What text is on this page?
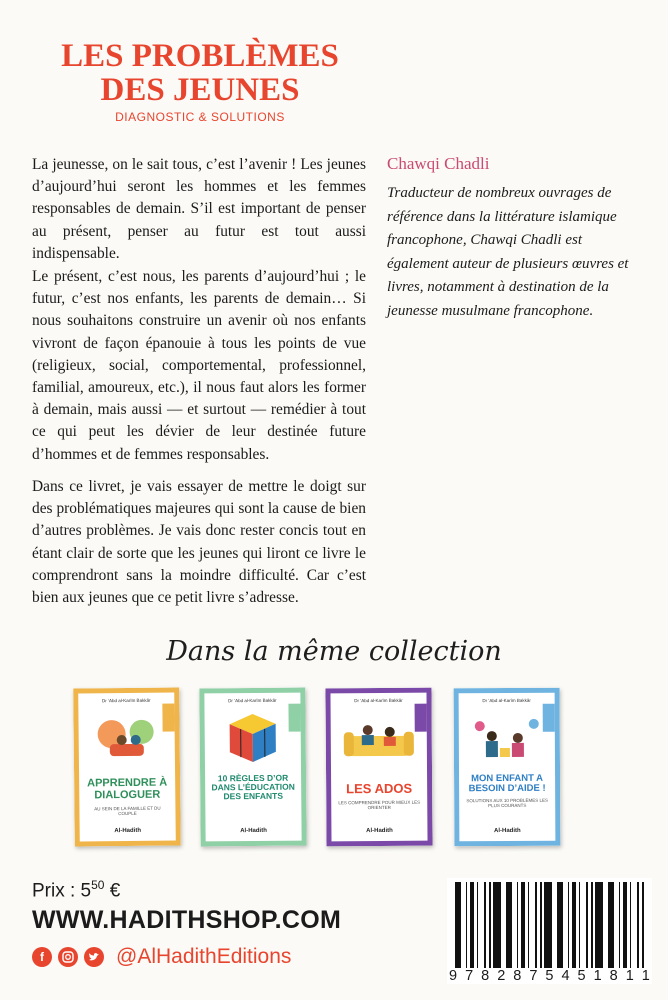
LES PROBLÈMES
DES JEUNES
DIAGNOSTIC & SOLUTIONS

La jeunesse, on le sait tous, c’est l’avenir ! Les jeunes d’aujourd’hui seront les hommes et les femmes responsables de demain. S’il est important de penser au présent, penser au futur est tout aussi indispensable.

Le présent, c’est nous, les parents d’aujourd’hui ; le futur, c’est nos enfants, les parents de demain… Si nous souhaitons construire un avenir où nos enfants vivront de façon épanouie à tous les points de vue (religieux, social, comportemental, professionnel, familial, amoureux, etc.), il nous faut alors les former à demain, mais aussi — et surtout — remédier à tout ce qui peut les dévier de leur destinée future d’hommes et de femmes responsables.

Dans ce livret, je vais essayer de mettre le doigt sur des problématiques majeures qui sont la cause de bien d’autres problèmes. Je vais donc rester concis tout en étant clair de sorte que les jeunes qui liront ce livre le comprendront sans la moindre difficulté. Car c’est bien aux jeunes que ce petit livre s’adresse.

Chawqi Chadli

Traducteur de nombreux ouvrages de référence dans la littérature islamique francophone, Chawqi Chadli est également auteur de plusieurs œuvres et livres, notamment à destination de la jeunesse musulmane francophone.

Dans la même collection
Dr ‘Abd al-Karîm Bakkâr
APPRENDRE À DIALOGUER
AU SEIN DE LA FAMILLE ET DU COUPLE
Al-Hadith
Dr ‘Abd al-Karîm Bakkâr
10 RÈGLES D’OR DANS L’ÉDUCATION DES ENFANTS
Al-Hadith
Dr ‘Abd al-Karîm Bakkâr
LES ADOS
LES COMPRENDRE POUR MIEUX LES ORIENTER
Al-Hadith
Dr ‘Abd al-Karîm Bakkâr
MON ENFANT A BESOIN D’AIDE !
SOLUTIONS AUX 10 PROBLÈMES LES PLUS COURANTS
Al-Hadith
Prix : $5^{50}$ €
WWW.HADITHSHOP.COM
f	@AlHadithEditions
9 7 8 2 8 7 5 4 5 1 8 1 1
